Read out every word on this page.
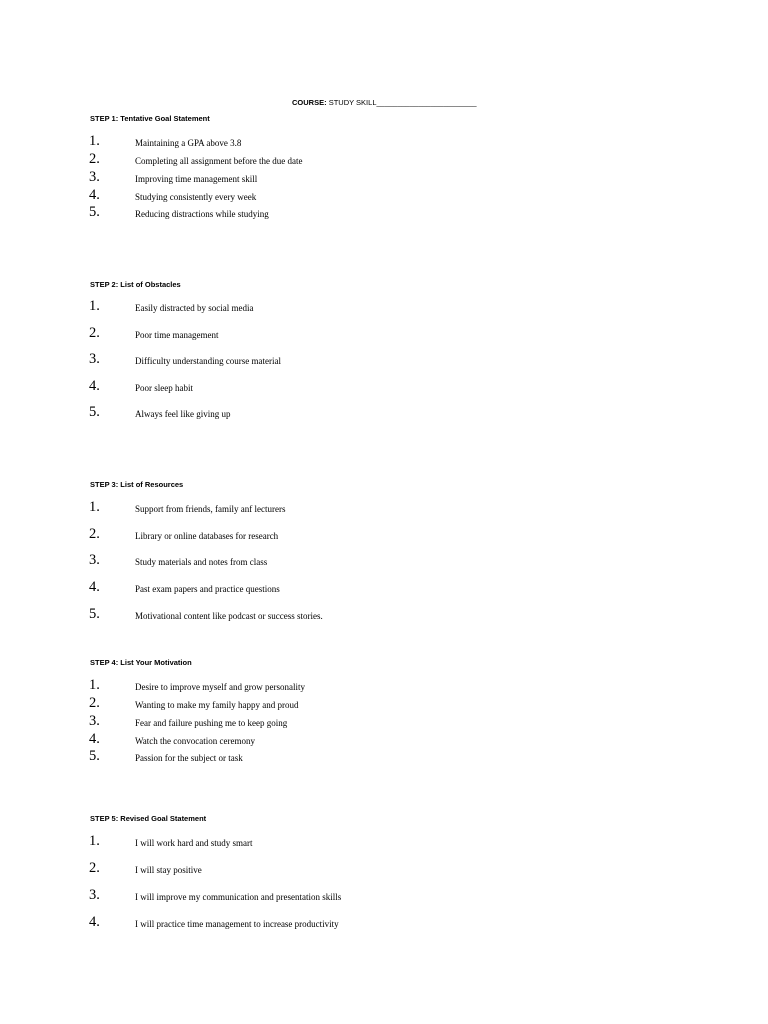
COURSE: STUDY SKILL________________________
STEP 1: Tentative Goal Statement
1.	Maintaining a GPA above 3.8
2.	Completing all assignment before the due date
3.	Improving time management skill
4.	Studying consistently every week
5.	Reducing distractions while studying
STEP 2: List of Obstacles
1.	Easily distracted by social media
2.	Poor time management
3.	Difficulty understanding course material
4.	Poor sleep habit
5.	Always feel like giving up
STEP 3: List of Resources
1.	Support from friends, family anf lecturers
2.	Library or online databases for research
3.	Study materials and notes from class
4.	Past exam papers and practice questions
5.	Motivational content like podcast or success stories.
STEP 4: List Your Motivation
1.	Desire to improve myself and grow personality
2.	Wanting to make my family happy and proud
3.	Fear and failure pushing me to keep going
4.	Watch the convocation ceremony
5.	Passion for the subject or task
STEP 5: Revised Goal Statement
1.	I will work hard and study smart
2.	I will stay positive
3.	I will improve my communication and presentation skills
4.	I will practice time management to increase productivity
